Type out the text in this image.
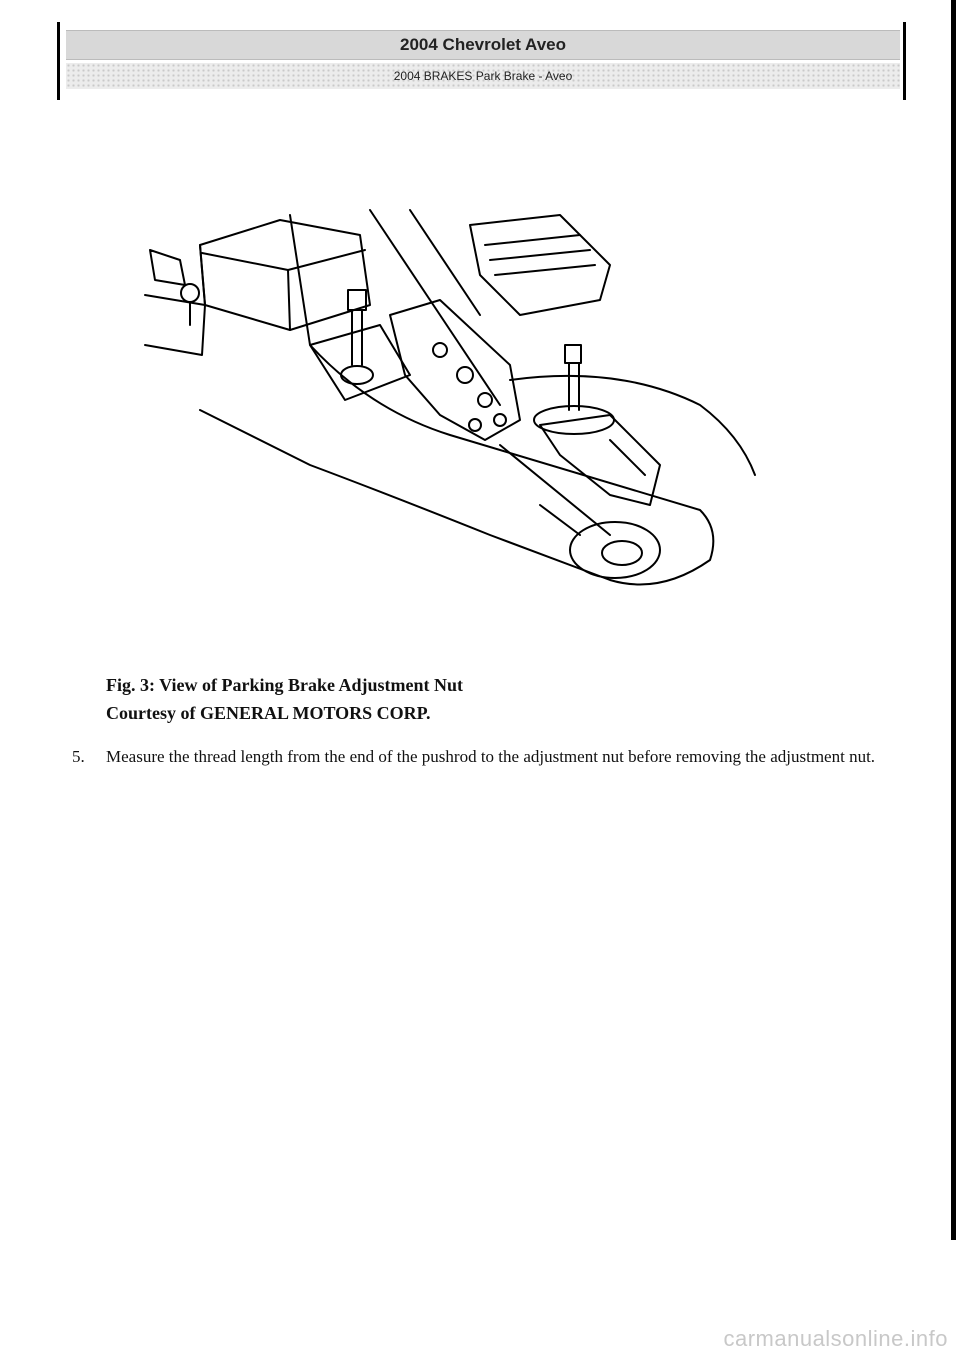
2004 Chevrolet Aveo
2004 BRAKES Park Brake - Aveo
Fig. 3: View of Parking Brake Adjustment Nut
Courtesy of GENERAL MOTORS CORP.
5. Measure the thread length from the end of the pushrod to the adjustment nut before removing the adjustment nut.
carmanualsonline.info
